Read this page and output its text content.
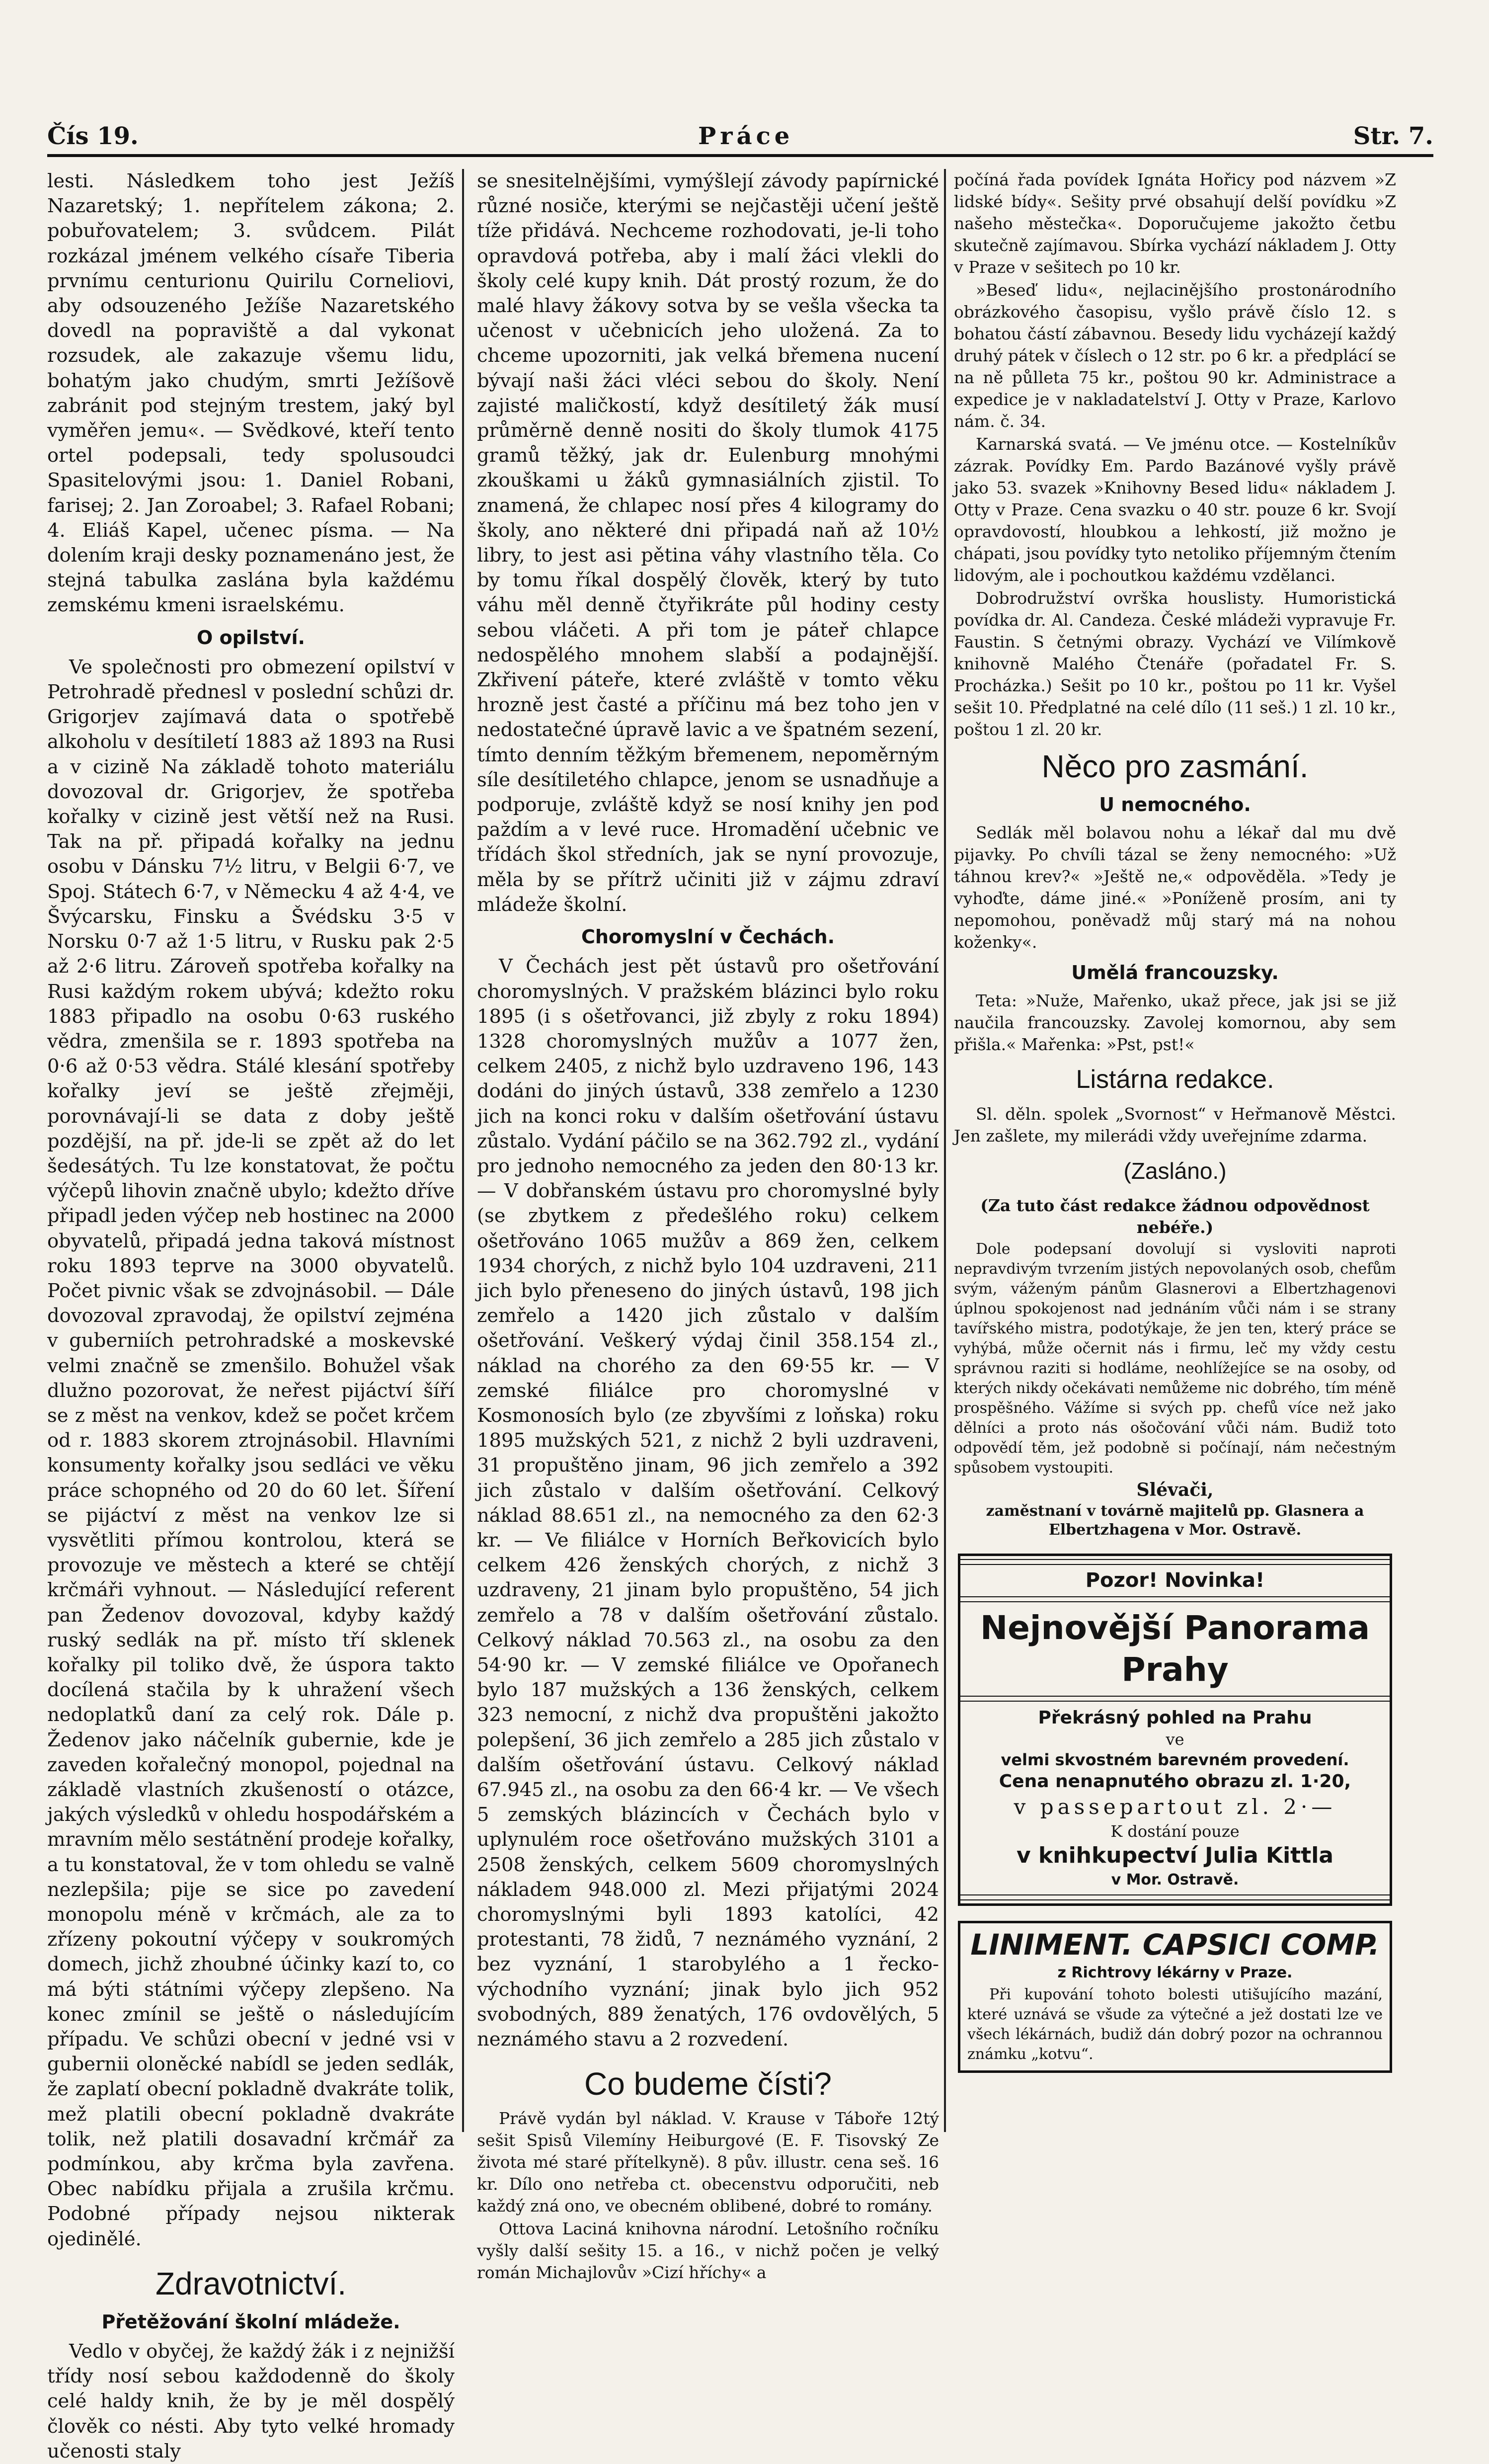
Čís 19.	Práce	Str. 7.

lesti. Následkem toho jest Ježíš Nazaretský; 1. nepřítelem zákona; 2. pobuřovatelem; 3. svůdcem. Pilát rozkázal jménem velkého císaře Tiberia prvnímu centurionu Quirilu Corneliovi, aby odsouzeného Ježíše Nazaretského dovedl na popraviště a dal vykonat rozsudek, ale zakazuje všemu lidu, bohatým jako chudým, smrti Ježíšově zabránit pod stejným trestem, jaký byl vyměřen jemu«. — Svědkové, kteří tento ortel podepsali, tedy spolusoudci Spasitelovými jsou: 1. Daniel Robani, farisej; 2. Jan Zoroabel; 3. Rafael Robani; 4. Eliáš Kapel, učenec písma. — Na dolením kraji desky poznamenáno jest, že stejná tabulka zaslána byla každému zemskému kmeni israelskému.

O opilství.

Ve společnosti pro obmezení opilství v Petrohradě přednesl v poslední schůzi dr. Grigorjev zajímavá data o spotřebě alkoholu v desítiletí 1883 až 1893 na Rusi a v cizině Na základě tohoto materiálu dovozoval dr. Grigorjev, že spotřeba kořalky v cizině jest větší než na Rusi. Tak na př. připadá kořalky na jednu osobu v Dánsku 7½ litru, v Belgii 6·7, ve Spoj. Státech 6·7, v Německu 4 až 4·4, ve Švýcarsku, Finsku a Švédsku 3·5 v Norsku 0·7 až 1·5 litru, v Rusku pak 2·5 až 2·6 litru. Zároveň spotřeba kořalky na Rusi každým rokem ubývá; kdežto roku 1883 připadlo na osobu 0·63 ruského vědra, zmenšila se r. 1893 spotřeba na 0·6 až 0·53 vědra. Stálé klesání spotřeby kořalky jeví se ještě zřejměji, porovnávají-li se data z doby ještě pozdější, na př. jde-li se zpět až do let šedesátých. Tu lze konstatovat, že počtu výčepů lihovin značně ubylo; kdežto dříve připadl jeden výčep neb hostinec na 2000 obyvatelů, připadá jedna taková místnost roku 1893 teprve na 3000 obyvatelů. Počet pivnic však se zdvojnásobil. — Dále dovozoval zpravodaj, že opilství zejména v guberniích petrohradské a moskevské velmi značně se zmenšilo. Bohužel však dlužno pozorovat, že neřest pijáctví šíří se z měst na venkov, kdež se počet krčem od r. 1883 skorem ztrojnásobil. Hlavními konsumenty kořalky jsou sedláci ve věku práce schopného od 20 do 60 let. Šíření se pijáctví z měst na venkov lze si vysvětliti přímou kontrolou, která se provozuje ve městech a které se chtějí krčmáři vyhnout. — Následující referent pan Žedenov dovozoval, kdyby každý ruský sedlák na př. místo tří sklenek kořalky pil toliko dvě, že úspora takto docílená stačila by k uhražení všech nedoplatků daní za celý rok. Dále p. Žedenov jako náčelník gubernie, kde je zaveden kořalečný monopol, pojednal na základě vlastních zkušeností o otázce, jakých výsledků v ohledu hospodářském a mravním mělo sestátnění prodeje kořalky, a tu konstatoval, že v tom ohledu se valně nezlepšila; pije se sice po zavedení monopolu méně v krčmách, ale za to zřízeny pokoutní výčepy v soukromých domech, jichž zhoubné účinky kazí to, co má býti státními výčepy zlepšeno. Na konec zmínil se ještě o následujícím případu. Ve schůzi obecní v jedné vsi v gubernii oloněcké nabídl se jeden sedlák, že zaplatí obecní pokladně dvakráte tolik, mež platili obecní pokladně dvakráte tolik, než platili dosavadní krčmář za podmínkou, aby krčma byla zavřena. Obec nabídku přijala a zrušila krčmu. Podobné případy nejsou nikterak ojedinělé.

Zdravotnictví.
Přetěžování školní mládeže.

Vedlo v obyčej, že každý žák i z nejnižší třídy nosí sebou každodenně do školy celé haldy knih, že by je měl dospělý člověk co nésti. Aby tyto velké hromady učenosti staly

se snesitelnějšími, vymýšlejí závody papírnické různé nosiče, kterými se nejčastěji učení ještě tíže přidává. Nechceme rozhodovati, je-li toho opravdová potřeba, aby i malí žáci vlekli do školy celé kupy knih. Dát prostý rozum, že do malé hlavy žákovy sotva by se vešla všecka ta učenost v učebnicích jeho uložená. Za to chceme upozorniti, jak velká břemena nucení bývají naši žáci vléci sebou do školy. Není zajisté maličkostí, když desítiletý žák musí průměrně denně nositi do školy tlumok 4175 gramů těžký, jak dr. Eulenburg mnohými zkouškami u žáků gymnasiálních zjistil. To znamená, že chlapec nosí přes 4 kilogramy do školy, ano některé dni připadá naň až 10½ libry, to jest asi pětina váhy vlastního těla. Co by tomu říkal dospělý člověk, který by tuto váhu měl denně čtyřikráte půl hodiny cesty sebou vláčeti. A při tom je páteř chlapce nedospělého mnohem slabší a podajnější. Zkřivení páteře, které zvláště v tomto věku hrozně jest časté a příčinu má bez toho jen v nedostatečné úpravě lavic a ve špatném sezení, tímto denním těžkým břemenem, nepoměrným síle desítiletého chlapce, jenom se usnadňuje a podporuje, zvláště když se nosí knihy jen pod paždím a v levé ruce. Hromadění učebnic ve třídách škol středních, jak se nyní provozuje, měla by se přítrž učiniti již v zájmu zdraví mládeže školní.

Choromyslní v Čechách.

V Čechách jest pět ústavů pro ošetřování choromyslných. V pražském blázinci bylo roku 1895 (i s ošetřovanci, již zbyly z roku 1894) 1328 choromyslných mužův a 1077 žen, celkem 2405, z nichž bylo uzdraveno 196, 143 dodáni do jiných ústavů, 338 zemřelo a 1230 jich na konci roku v dalším ošetřování ústavu zůstalo. Vydání páčilo se na 362.792 zl., vydání pro jednoho nemocného za jeden den 80·13 kr. — V dobřanském ústavu pro choromyslné byly (se zbytkem z předešlého roku) celkem ošetřováno 1065 mužův a 869 žen, celkem 1934 chorých, z nichž bylo 104 uzdraveni, 211 jich bylo přeneseno do jiných ústavů, 198 jich zemřelo a 1420 jich zůstalo v dalším ošetřování. Veškerý výdaj činil 358.154 zl., náklad na chorého za den 69·55 kr. — V zemské filiálce pro choromyslné v Kosmonosích bylo (ze zbyvšími z loňska) roku 1895 mužských 521, z nichž 2 byli uzdraveni, 31 propuštěno jinam, 96 jich zemřelo a 392 jich zůstalo v dalším ošetřování. Celkový náklad 88.651 zl., na nemocného za den 62·3 kr. — Ve filiálce v Horních Beřkovicích bylo celkem 426 ženských chorých, z nichž 3 uzdraveny, 21 jinam bylo propuštěno, 54 jich zemřelo a 78 v dalším ošetřování zůstalo. Celkový náklad 70.563 zl., na osobu za den 54·90 kr. — V zemské filiálce ve Opořanech bylo 187 mužských a 136 ženských, celkem 323 nemocní, z nichž dva propuštěni jakožto polepšení, 36 jich zemřelo a 285 jich zůstalo v dalším ošetřování ústavu. Celkový náklad 67.945 zl., na osobu za den 66·4 kr. — Ve všech 5 zemských blázincích v Čechách bylo v uplynulém roce ošetřováno mužských 3101 a 2508 ženských, celkem 5609 choromyslných nákladem 948.000 zl. Mezi přijatými 2024 choromyslnými byli 1893 katolíci, 42 protestanti, 78 židů, 7 neznámého vyznání, 2 bez vyznání, 1 starobylého a 1 řecko-východního vyznání; jinak bylo jich 952 svobodných, 889 ženatých, 176 ovdovělých, 5 neznámého stavu a 2 rozvedení.

Co budeme čísti?

Právě vydán byl náklad. V. Krause v Táboře 12tý sešit Spisů Vilemíny Heiburgové (E. F. Tisovský Ze života mé staré přítelkyně). 8 pův. illustr. cena seš. 16 kr. Dílo ono netřeba ct. obecenstvu odporučiti, neb každý zná ono, ve obecném oblibené, dobré to romány.

Ottova Laciná knihovna národní. Letošního ročníku vyšly další sešity 15. a 16., v nichž počen je velký román Michajlovův »Cizí hříchy« a

počíná řada povídek Ignáta Hořicy pod názvem »Z lidské bídy«. Sešity prvé obsahují delší povídku »Z našeho městečka«. Doporučujeme jakožto četbu skutečně zajímavou. Sbírka vychází nákladem J. Otty v Praze v sešitech po 10 kr.

»Beseď lidu«, nejlacinějšího prostonárodního obrázkového časopisu, vyšlo právě číslo 12. s bohatou částí zábavnou. Besedy lidu vycházejí každý druhý pátek v číslech o 12 str. po 6 kr. a předplácí se na ně půlleta 75 kr., poštou 90 kr. Administrace a expedice je v nakladatelství J. Otty v Praze, Karlovo nám. č. 34.

Karnarská svatá. — Ve jménu otce. — Kostelníkův zázrak. Povídky Em. Pardo Bazánové vyšly právě jako 53. svazek »Knihovny Besed lidu« nákladem J. Otty v Praze. Cena svazku o 40 str. pouze 6 kr. Svojí opravdovostí, hloubkou a lehkostí, již možno je chápati, jsou povídky tyto netoliko příjemným čtením lidovým, ale i pochoutkou každému vzdělanci.

Dobrodružství ovrška houslisty. Humoristická povídka dr. Al. Candeza. České mládeži vypravuje Fr. Faustin. S četnými obrazy. Vychází ve Vilímkově knihovně Malého Čtenáře (pořadatel Fr. S. Procházka.) Sešit po 10 kr., poštou po 11 kr. Vyšel sešit 10. Předplatné na celé dílo (11 seš.) 1 zl. 10 kr., poštou 1 zl. 20 kr.

Něco pro zasmání.
U nemocného.

Sedlák měl bolavou nohu a lékař dal mu dvě pijavky. Po chvíli tázal se ženy nemocného: »Už táhnou krev?« »Ještě ne,« odpověděla. »Tedy je vyhoďte, dáme jiné.« »Poníženě prosím, ani ty nepomohou, poněvadž můj starý má na nohou koženky«.

Umělá francouzsky.

Teta: »Nuže, Mařenko, ukaž přece, jak jsi se již naučila francouzsky. Zavolej komornou, aby sem přišla.« Mařenka: »Pst, pst!«

Listárna redakce.

Sl. děln. spolek „Svornost“ v Heřmanově Městci. Jen zašlete, my milerádi vždy uveřejníme zdarma.

(Zasláno.)

(Za tuto část redakce žádnou odpovědnost nebéře.)

Dole podepsaní dovolují si vysloviti naproti nepravdivým tvrzením jistých nepovolaných osob, chefům svým, váženým pánům Glasnerovi a Elbertzhagenovi úplnou spokojenost nad jednáním vůči nám i se strany tavířského mistra, podotýkaje, že jen ten, který práce se vyhýbá, může očernit nás i firmu, leč my vždy cestu správnou raziti si hodláme, neohlížejíce se na osoby, od kterých nikdy očekávati nemůžeme nic dobrého, tím méně prospěšného. Vážíme si svých pp. chefů více než jako dělníci a proto nás ošočování vůči nám. Budiž toto odpovědí těm, jež podobně si počínají, nám nečestným spůsobem vystoupiti.

Slévači,

zaměstnaní v továrně majitelů pp. Glasnera a Elbertzhagena v Mor. Ostravě.

Pozor! Novinka!
Nejnovější Panorama Prahy
Překrásný pohled na Prahu
ve
velmi skvostném barevném provedení.
Cena nenapnutého obrazu zl. 1·20,
v passepartout zl. 2·—
K dostání pouze
v knihkupectví Julia Kittla
v Mor. Ostravě.
LINIMENT. CAPSICI COMP.
z Richtrovy lékárny v Praze.

Při kupování tohoto bolesti utišujícího mazání, které uznává se všude za výtečné a jež dostati lze ve všech lékárnách, budiž dán dobrý pozor na ochrannou známku „kotvu“.
